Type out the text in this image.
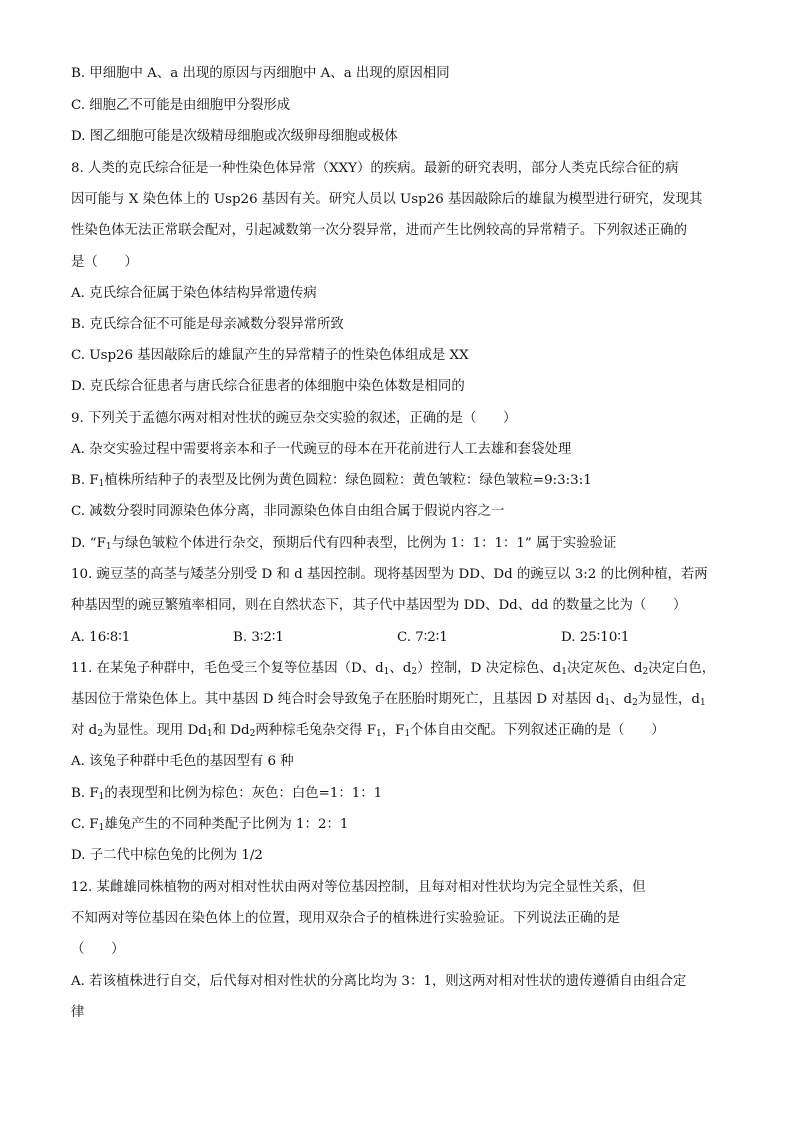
B. 甲细胞中 A、a 出现的原因与丙细胞中 A、a 出现的原因相同
C. 细胞乙不可能是由细胞甲分裂形成
D. 图乙细胞可能是次级精母细胞或次级卵母细胞或极体
8. 人类的克氏综合征是一种性染色体异常（XXY）的疾病。最新的研究表明，部分人类克氏综合征的病
因可能与 X 染色体上的 Usp26 基因有关。研究人员以 Usp26 基因敲除后的雄鼠为模型进行研究，发现其
性染色体无法正常联会配对，引起减数第一次分裂异常，进而产生比例较高的异常精子。下列叙述正确的
是（　　）
A. 克氏综合征属于染色体结构异常遗传病
B. 克氏综合征不可能是母亲减数分裂异常所致
C. Usp26 基因敲除后的雄鼠产生的异常精子的性染色体组成是 XX
D. 克氏综合征患者与唐氏综合征患者的体细胞中染色体数是相同的
9. 下列关于孟德尔两对相对性状的豌豆杂交实验的叙述，正确的是（　　）
A. 杂交实验过程中需要将亲本和子一代豌豆的母本在开花前进行人工去雄和套袋处理
B. $F_1$植株所结种子的表型及比例为黄色圆粒：绿色圆粒：黄色皱粒：绿色皱粒=9:3:3:1
C. 减数分裂时同源染色体分离，非同源染色体自由组合属于假说内容之一
D. “$F_1$与绿色皱粒个体进行杂交，预期后代有四种表型，比例为 1：1：1：1” 属于实验验证
10. 豌豆茎的高茎与矮茎分别受 D 和 d 基因控制。现将基因型为 DD、Dd 的豌豆以 3:2 的比例种植，若两
种基因型的豌豆繁殖率相同，则在自然状态下，其子代中基因型为 DD、Dd、dd 的数量之比为（　　）
A. 16∶8∶1	B. 3∶2∶1	C. 7∶2∶1	D. 25∶10∶1
11. 在某兔子种群中，毛色受三个复等位基因（D、$d_1$、$d_2$）控制，D 决定棕色、$d_1$决定灰色、$d_2$决定白色，
基因位于常染色体上。其中基因 D 纯合时会导致兔子在胚胎时期死亡，且基因 D 对基因 $d_1$、$d_2$为显性，$d_1$
对 $d_2$为显性。现用 $Dd_1$和 $Dd_2$两种棕毛兔杂交得 $F_1$，$F_1$个体自由交配。下列叙述正确的是（　　）
A. 该兔子种群中毛色的基因型有 6 种
B. $F_1$的表现型和比例为棕色：灰色：白色=1：1：1
C. $F_1$雄兔产生的不同种类配子比例为 1：2：1
D. 子二代中棕色兔的比例为 1/2
12. 某雌雄同株植物的两对相对性状由两对等位基因控制，且每对相对性状均为完全显性关系，但
不知两对等位基因在染色体上的位置，现用双杂合子的植株进行实验验证。下列说法正确的是
（　　）
A. 若该植株进行自交，后代每对相对性状的分离比均为 3：1，则这两对相对性状的遗传遵循自由组合定
律
